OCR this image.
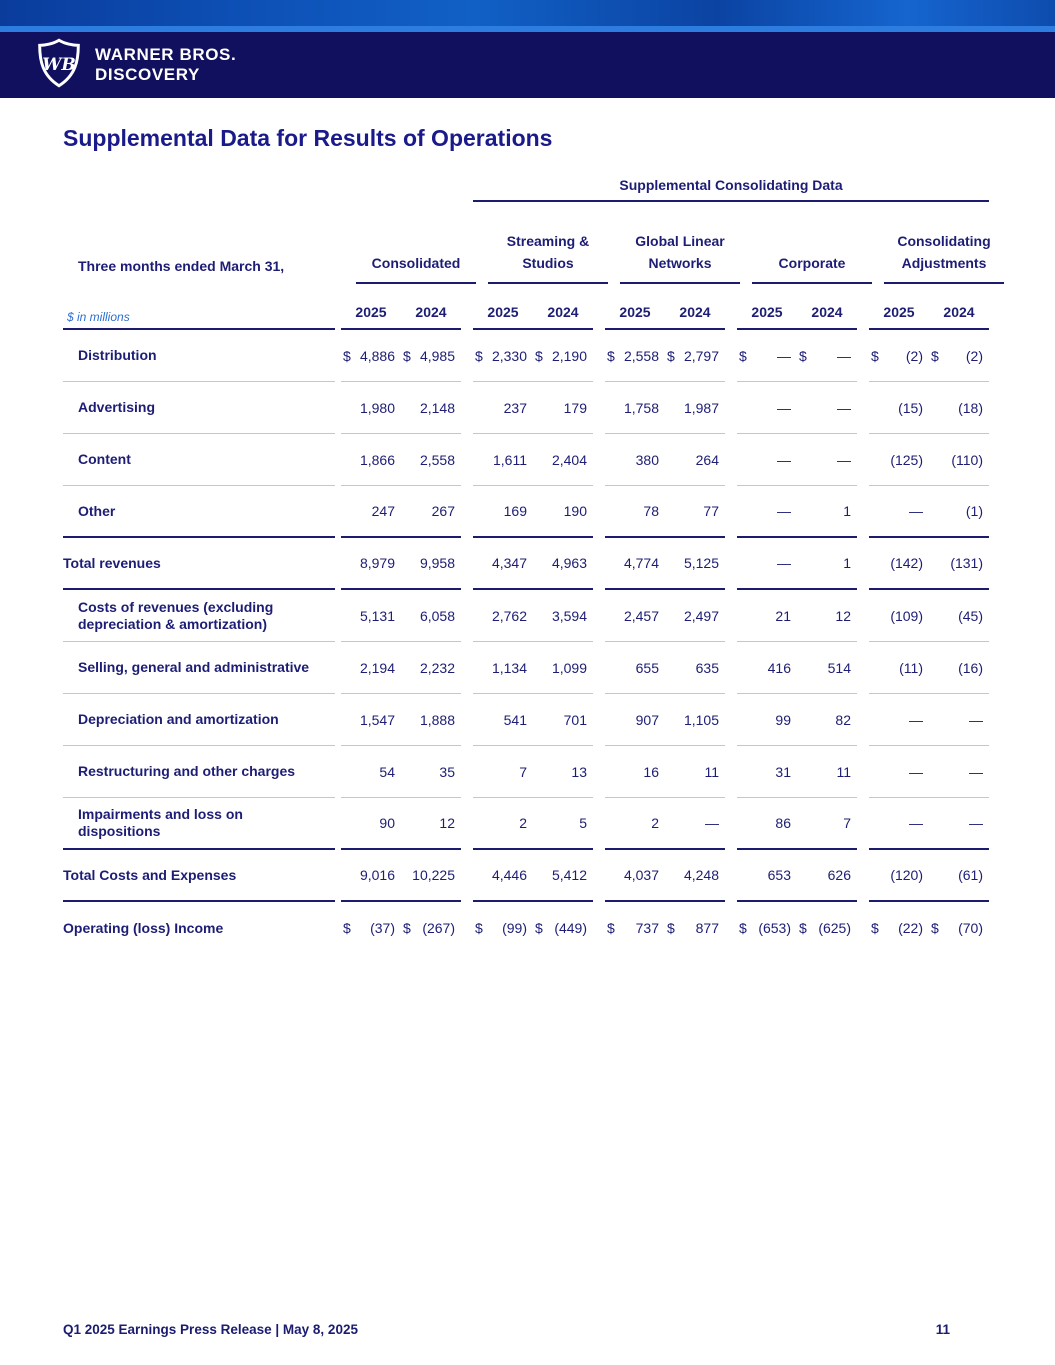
WB WARNER BROS.
DISCOVERY
Supplemental Data for Results of Operations
Supplemental Consolidating Data
Three months ended March 31,	Consolidated
Streaming &
Studios
Global Linear
Networks	Corporate
Consolidating
Adjustments
$ in millions	2025	2024	2025	2024	2025	2024	2025	2024	2025	2024
Distribution	$ 4,886 $ 4,985 $ 2,330 $ 2,190 $ 2,558 $ 2,797 $ — $ — $ (2) $ (2)
Advertising	1,980 2,148	237	179	1,758 1,987	—	—	(15)	(18)
Content	1,866 2,558	1,611 2,404	380	264	—	—	(125) (110)
Other	247	267	169	190	78	77	—	1	—	(1)
Total revenues	8,979 9,958	4,347 4,963	4,774 5,125	—	1	(142) (131)
Costs of revenues (excluding depreciation & amortization)	5,131 6,058	2,762 3,594	2,457 2,497	21	12	(109)	(45)
Selling, general and administrative	2,194 2,232	1,134 1,099	655	635	416	514	(11)	(16)
Depreciation and amortization	1,547 1,888	541	701	907 1,105	99	82	—	—
Restructuring and other charges	54	35	7	13	16	11	31	11	—	—
Impairments and loss on dispositions	90	12	2	5	2	—	86	7	—	—
Total Costs and Expenses	9,016 10,225	4,446 5,412	4,037 4,248	653	626	(120)	(61)
Operating (loss) Income	$ (37) $ (267) $ (99) $ (449) $ 737 $ 877 $ (653) $ (625) $ (22) $ (70)
Q1 2025 Earnings Press Release | May 8, 2025	11
